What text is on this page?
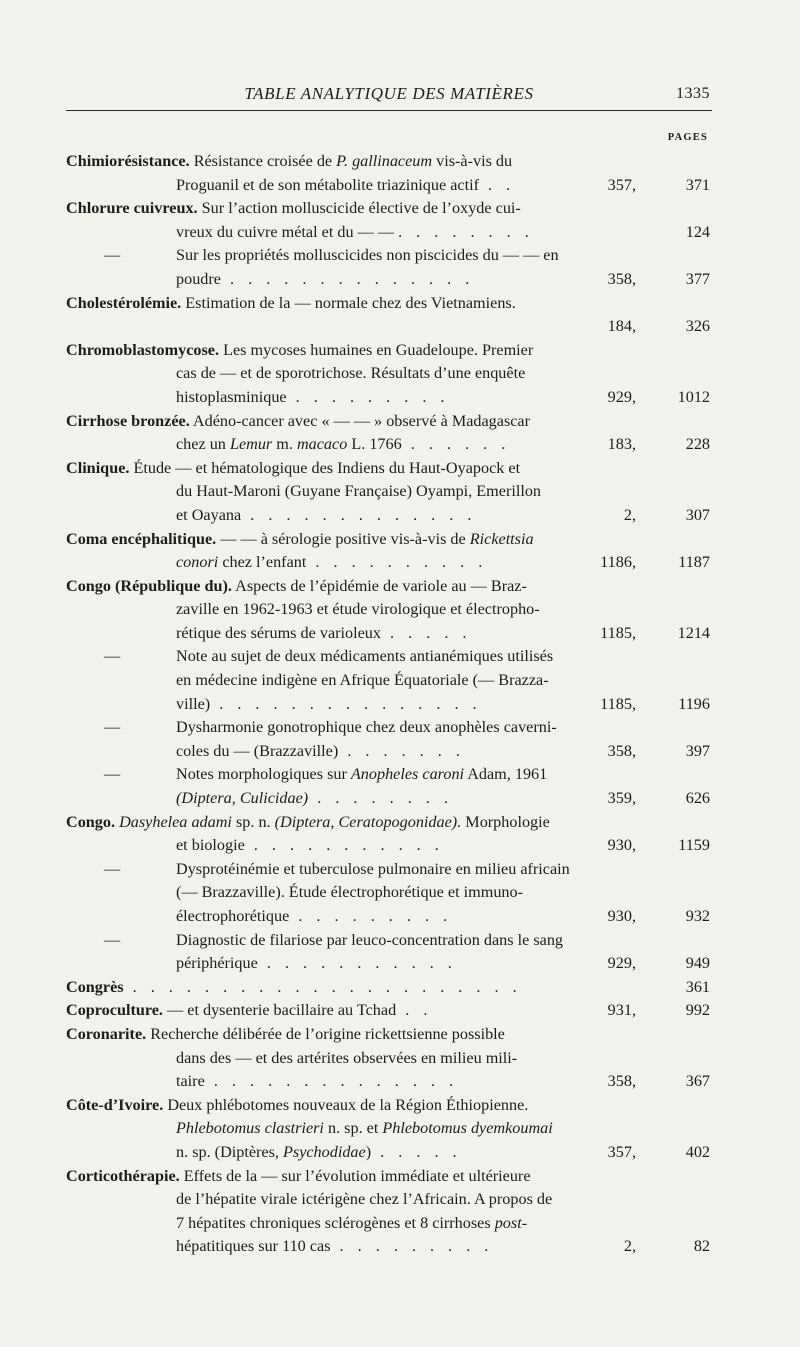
TABLE ANALYTIQUE DES MATIÈRES	1335
PAGES
Chimiorésistance. Résistance croisée de P. gallinaceum vis-à-vis du
Proguanil et de son métabolite triazinique actif . .	357,	371
Chlorure cuivreux. Sur l’action molluscicide élective de l’oxyde cui-
vreux du cuivre métal et du — — . . . . . . . .	124
—	Sur les propriétés molluscicides non piscicides du — — en
poudre . . . . . . . . . . . . . .	358,	377
Cholestérolémie. Estimation de la — normale chez des Vietnamiens.
184,	326
Chromoblastomycose. Les mycoses humaines en Guadeloupe. Premier
cas de — et de sporotrichose. Résultats d’une enquête
histoplasminique . . . . . . . . .	929,	1012
Cirrhose bronzée. Adéno-cancer avec « — — » observé à Madagascar
chez un Lemur m. macaco L. 1766 . . . . . .	183,	228
Clinique. Étude — et hématologique des Indiens du Haut-Oyapock et
du Haut-Maroni (Guyane Française) Oyampi, Emerillon
et Oayana . . . . . . . . . . . . .	2,	307
Coma encéphalitique. — — à sérologie positive vis-à-vis de Rickettsia
conori chez l’enfant . . . . . . . . . .	1186,	1187
Congo (République du). Aspects de l’épidémie de variole au — Braz-
zaville en 1962-1963 et étude virologique et électropho-
rétique des sérums de varioleux . . . . .	1185,	1214
—	Note au sujet de deux médicaments antianémiques utilisés
en médecine indigène en Afrique Équatoriale (— Brazza-
ville) . . . . . . . . . . . . . . .	1185,	1196
—	Dysharmonie gonotrophique chez deux anophèles caverni-
coles du — (Brazzaville) . . . . . . .	358,	397
—	Notes morphologiques sur Anopheles caroni Adam, 1961
(Diptera, Culicidae) . . . . . . . .	359,	626
Congo. Dasyhelea adami sp. n. (Diptera, Ceratopogonidae). Morphologie
et biologie . . . . . . . . . . .	930,	1159
—	Dysprotéinémie et tuberculose pulmonaire en milieu africain
(— Brazzaville). Étude électrophorétique et immuno-
électrophorétique . . . . . . . . .	930,	932
—	Diagnostic de filariose par leuco-concentration dans le sang
périphérique . . . . . . . . . . .	929,	949
Congrès . . . . . . . . . . . . . . . . . . . . . .	361
Coproculture. — et dysenterie bacillaire au Tchad . .	931,	992
Coronarite. Recherche délibérée de l’origine rickettsienne possible
dans des — et des artérites observées en milieu mili-
taire . . . . . . . . . . . . . .	358,	367
Côte-d’Ivoire. Deux phlébotomes nouveaux de la Région Éthiopienne.
Phlebotomus clastrieri n. sp. et Phlebotomus dyemkoumai
n. sp. (Diptères, Psychodidae) . . . . .	357,	402
Corticothérapie. Effets de la — sur l’évolution immédiate et ultérieure
de l’hépatite virale ictérigène chez l’Africain. A propos de
7 hépatites chroniques sclérogènes et 8 cirrhoses post-
hépatitiques sur 110 cas . . . . . . . . .	2,	82
